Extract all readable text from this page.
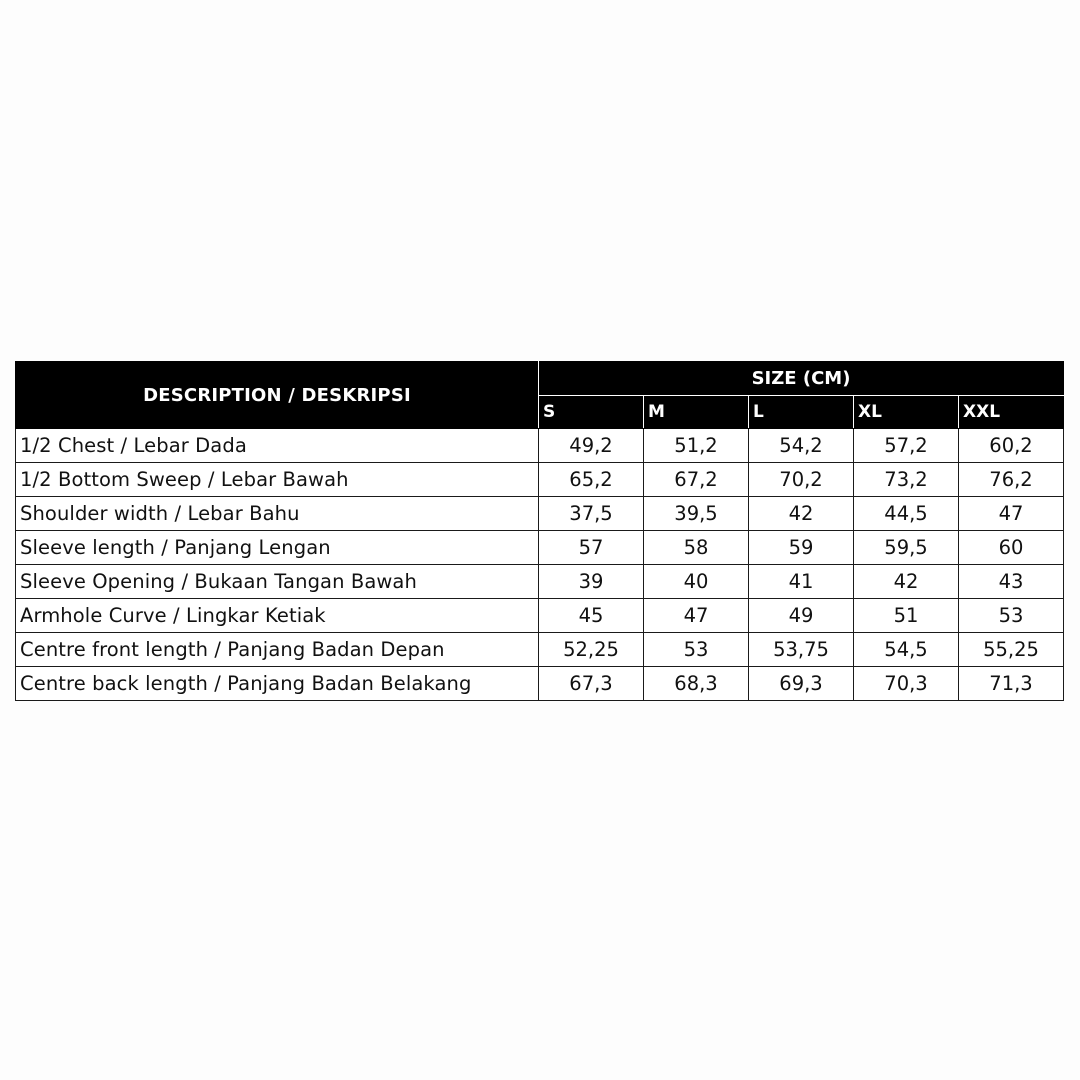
DESCRIPTION / DESKRIPSI	SIZE (CM)				
	S	M	L	XL	XXL
1/2 Chest / Lebar Dada	49,2	51,2	54,2	57,2	60,2
1/2 Bottom Sweep / Lebar Bawah	65,2	67,2	70,2	73,2	76,2
Shoulder width / Lebar Bahu	37,5	39,5	42	44,5	47
Sleeve length / Panjang Lengan	57	58	59	59,5	60
Sleeve Opening / Bukaan Tangan Bawah	39	40	41	42	43
Armhole Curve / Lingkar Ketiak	45	47	49	51	53
Centre front length / Panjang Badan Depan	52,25	53	53,75	54,5	55,25
Centre back length / Panjang Badan Belakang	67,3	68,3	69,3	70,3	71,3
